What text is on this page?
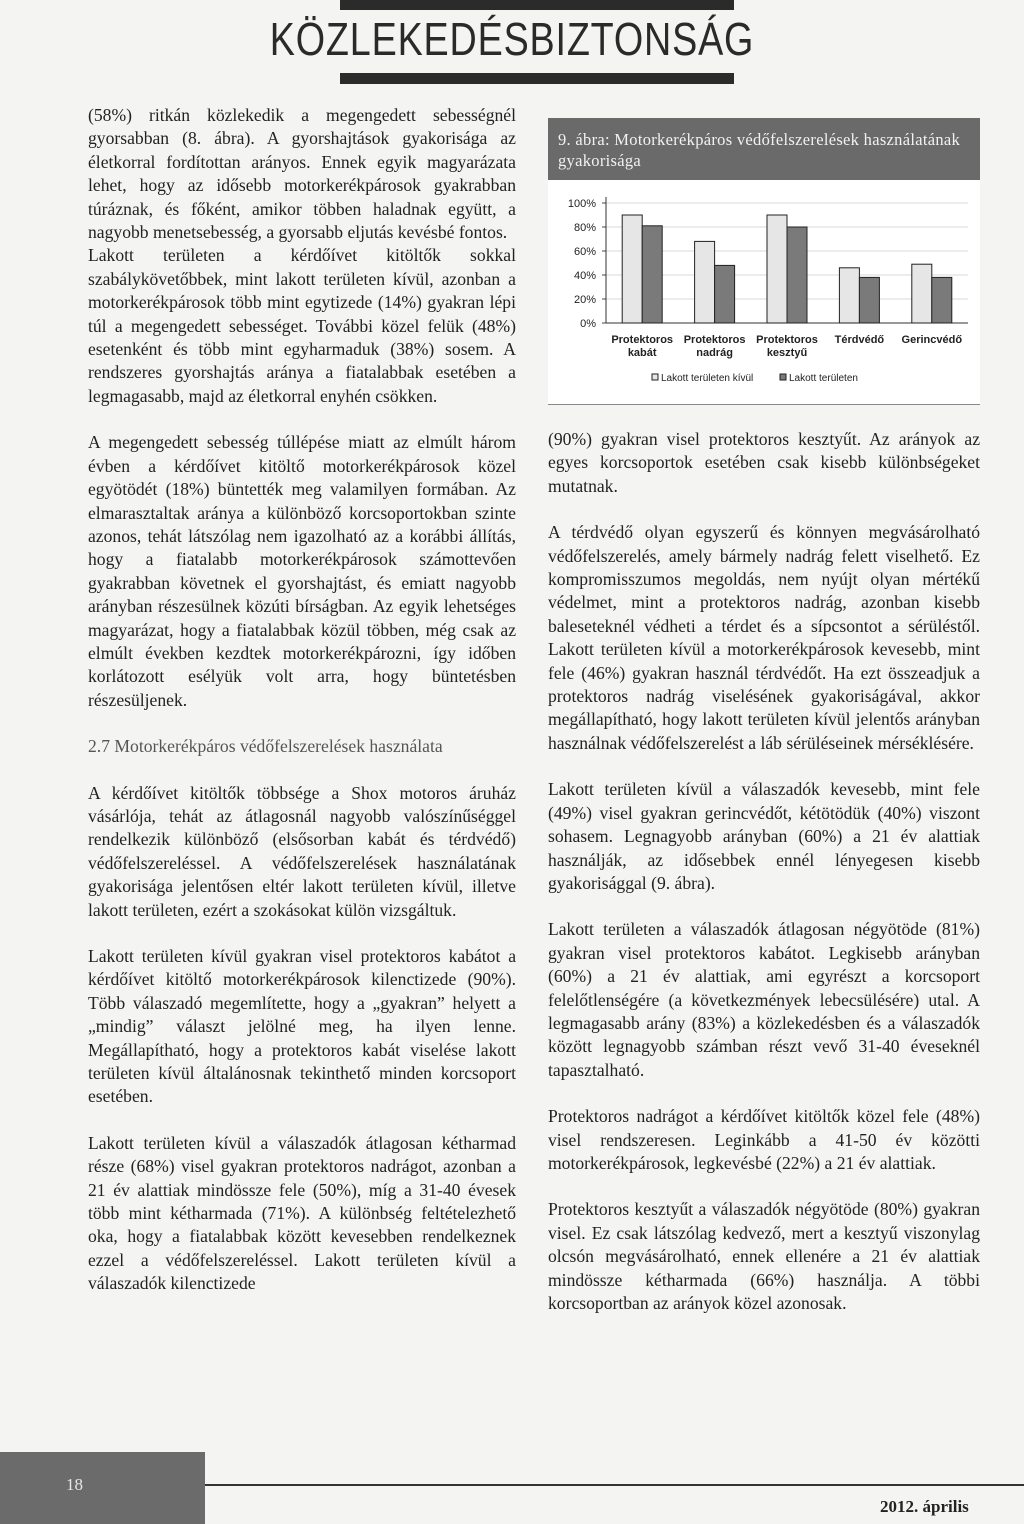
KÖZLEKEDÉSBIZTONSÁG

(58%) ritkán közlekedik a megengedett sebességnél gyorsabban (8. ábra). A gyorshajtások gyakorisága az életkorral fordítottan arányos. Ennek egyik magyarázata lehet, hogy az idősebb motorkerékpárosok gyakrabban túráznak, és főként, amikor többen haladnak együtt, a nagyobb menetsebesség, a gyorsabb eljutás kevésbé fontos.

Lakott területen a kérdőívet kitöltők sokkal szabálykövetőbbek, mint lakott területen kívül, azonban a motorkerékpárosok több mint egytizede (14%) gyakran lépi túl a megengedett sebességet. További közel felük (48%) esetenként és több mint egyharmaduk (38%) sosem. A rendszeres gyorshajtás aránya a fiatalabbak esetében a legmagasabb, majd az életkorral enyhén csökken.

A megengedett sebesség túllépése miatt az elmúlt három évben a kérdőívet kitöltő motorkerékpárosok közel egyötödét (18%) büntették meg valamilyen formában. Az elmarasztaltak aránya a különböző korcsoportokban szinte azonos, tehát látszólag nem igazolható az a korábbi állítás, hogy a fiatalabb motorkerékpárosok számottevően gyakrabban követnek el gyorshajtást, és emiatt nagyobb arányban részesülnek közúti bírságban. Az egyik lehetséges magyarázat, hogy a fiatalabbak közül többen, még csak az elmúlt években kezdtek motorkerékpározni, így időben korlátozott esélyük volt arra, hogy büntetésben részesüljenek.

2.7 Motorkerékpáros védőfelszerelések használata

A kérdőívet kitöltők többsége a Shox motoros áruház vásárlója, tehát az átlagosnál nagyobb valószínűséggel rendelkezik különböző (elsősorban kabát és térdvédő) védőfelszereléssel. A védőfelszerelések használatának gyakorisága jelentősen eltér lakott területen kívül, illetve lakott területen, ezért a szokásokat külön vizsgáltuk.

Lakott területen kívül gyakran visel protektoros kabátot a kérdőívet kitöltő motorkerékpárosok kilenctizede (90%). Több válaszadó megemlítette, hogy a „gyakran” helyett a „mindig” választ jelölné meg, ha ilyen lenne. Megállapítható, hogy a protektoros kabát viselése lakott területen kívül általánosnak tekinthető minden korcsoport esetében.

Lakott területen kívül a válaszadók átlagosan kétharmad része (68%) visel gyakran protektoros nadrágot, azonban a 21 év alattiak mindössze fele (50%), míg a 31-40 évesek több mint kétharmada (71%). A különbség feltételezhető oka, hogy a fiatalabbak között kevesebben rendelkeznek ezzel a védőfelszereléssel. Lakott területen kívül a válaszadók kilenctizede

9. ábra: Motorkerékpáros védőfelszerelések használatának gyakorisága
0%
20%
40%
60%
80%
100%
Protektoros
kabát
Protektoros
nadrág
Protektoros
kesztyű
Térdvédő Gerincvédő
Lakott területen kívül	Lakott területen

(90%) gyakran visel protektoros kesztyűt. Az arányok az egyes korcsoportok esetében csak kisebb különbségeket mutatnak.

A térdvédő olyan egyszerű és könnyen megvásárolható védőfelszerelés, amely bármely nadrág felett viselhető. Ez kompromisszumos megoldás, nem nyújt olyan mértékű védelmet, mint a protektoros nadrág, azonban kisebb baleseteknél védheti a térdet és a sípcsontot a sérüléstől. Lakott területen kívül a motorkerékpárosok kevesebb, mint fele (46%) gyakran használ térdvédőt. Ha ezt összeadjuk a protektoros nadrág viselésének gyakoriságával, akkor megállapítható, hogy lakott területen kívül jelentős arányban használnak védőfelszerelést a láb sérüléseinek mérséklésére.

Lakott területen kívül a válaszadók kevesebb, mint fele (49%) visel gyakran gerincvédőt, kétötödük (40%) viszont sohasem. Legnagyobb arányban (60%) a 21 év alattiak használják, az idősebbek ennél lényegesen kisebb gyakorisággal (9. ábra).

Lakott területen a válaszadók átlagosan négyötöde (81%) gyakran visel protektoros kabátot. Legkisebb arányban (60%) a 21 év alattiak, ami egyrészt a korcsoport felelőtlenségére (a következmények lebecsülésére) utal. A legmagasabb arány (83%) a közlekedésben és a válaszadók között legnagyobb számban részt vevő 31-40 éveseknél tapasztalható.

Protektoros nadrágot a kérdőívet kitöltők közel fele (48%) visel rendszeresen. Leginkább a 41-50 év közötti motorkerékpárosok, legkevésbé (22%) a 21 év alattiak.

Protektoros kesztyűt a válaszadók négyötöde (80%) gyakran visel. Ez csak látszólag kedvező, mert a kesztyű viszonylag olcsón megvásárolható, ennek ellenére a 21 év alattiak mindössze kétharmada (66%) használja. A többi korcsoportban az arányok közel azonosak.

18
2012. április
